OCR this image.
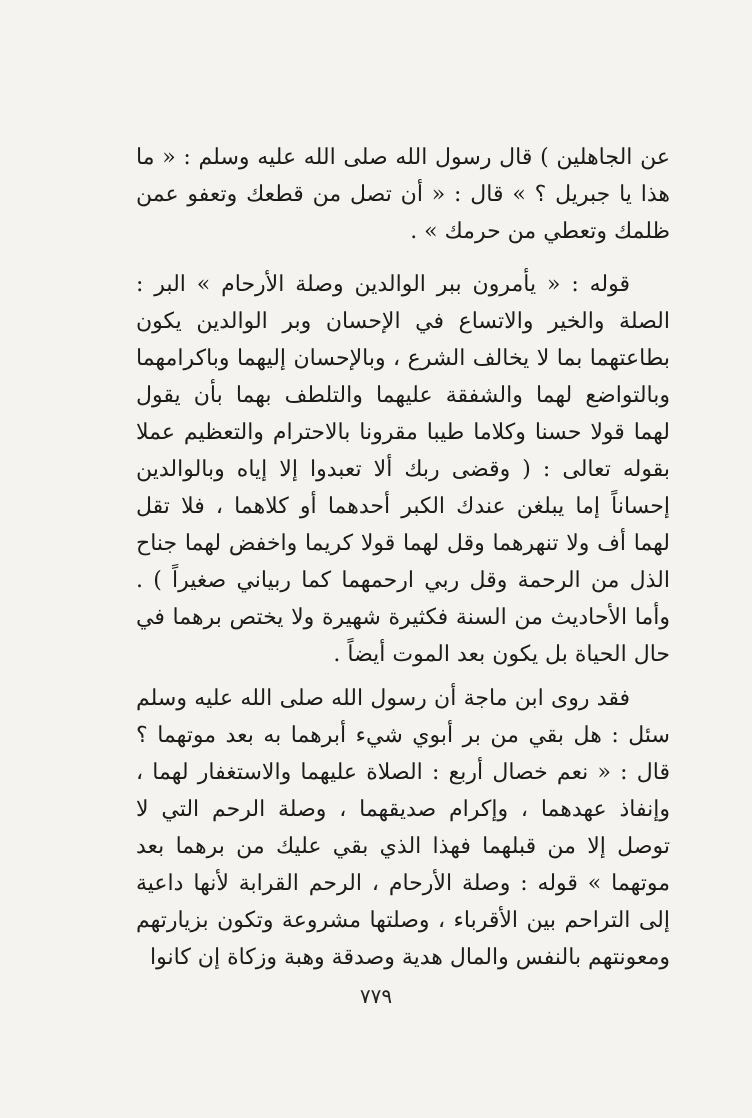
عن الجاهلين ) قال رسول الله صلى الله عليه وسلم : « ما هذا يا جبريل ؟ » قال : « أن تصل من قطعك وتعفو عمن ظلمك وتعطي من حرمك » .

قوله : « يأمرون ببر الوالدين وصلة الأرحام » البر : الصلة والخير والاتساع في الإحسان وبر الوالدين يكون بطاعتهما بما لا يخالف الشرع ، وبالإحسان إليهما وباكرامهما وبالتواضع لهما والشفقة عليهما والتلطف بهما بأن يقول لهما قولا حسنا وكلاما طيبا مقرونا بالاحترام والتعظيم عملا بقوله تعالى : ( وقضى ربك ألا تعبدوا إلا إياه وبالوالدين إحساناً إما يبلغن عندك الكبر أحدهما أو كلاهما ، فلا تقل لهما أف ولا تنهرهما وقل لهما قولا كريما واخفض لهما جناح الذل من الرحمة وقل ربي ارحمهما كما ربياني صغيراً ) . وأما الأحاديث من السنة فكثيرة شهيرة ولا يختص برهما في حال الحياة بل يكون بعد الموت أيضاً .

فقد روى ابن ماجة أن رسول الله صلى الله عليه وسلم سئل : هل بقي من بر أبوي شيء أبرهما به بعد موتهما ؟ قال : « نعم خصال أربع : الصلاة عليهما والاستغفار لهما ، وإنفاذ عهدهما ، وإكرام صديقهما ، وصلة الرحم التي لا توصل إلا من قبلهما فهذا الذي بقي عليك من برهما بعد موتهما » قوله : وصلة الأرحام ، الرحم القرابة لأنها داعية إلى التراحم بين الأقرباء ، وصلتها مشروعة وتكون بزيارتهم ومعونتهم بالنفس والمال هدية وصدقة وهبة وزكاة إن كانوا

٧٧٩
